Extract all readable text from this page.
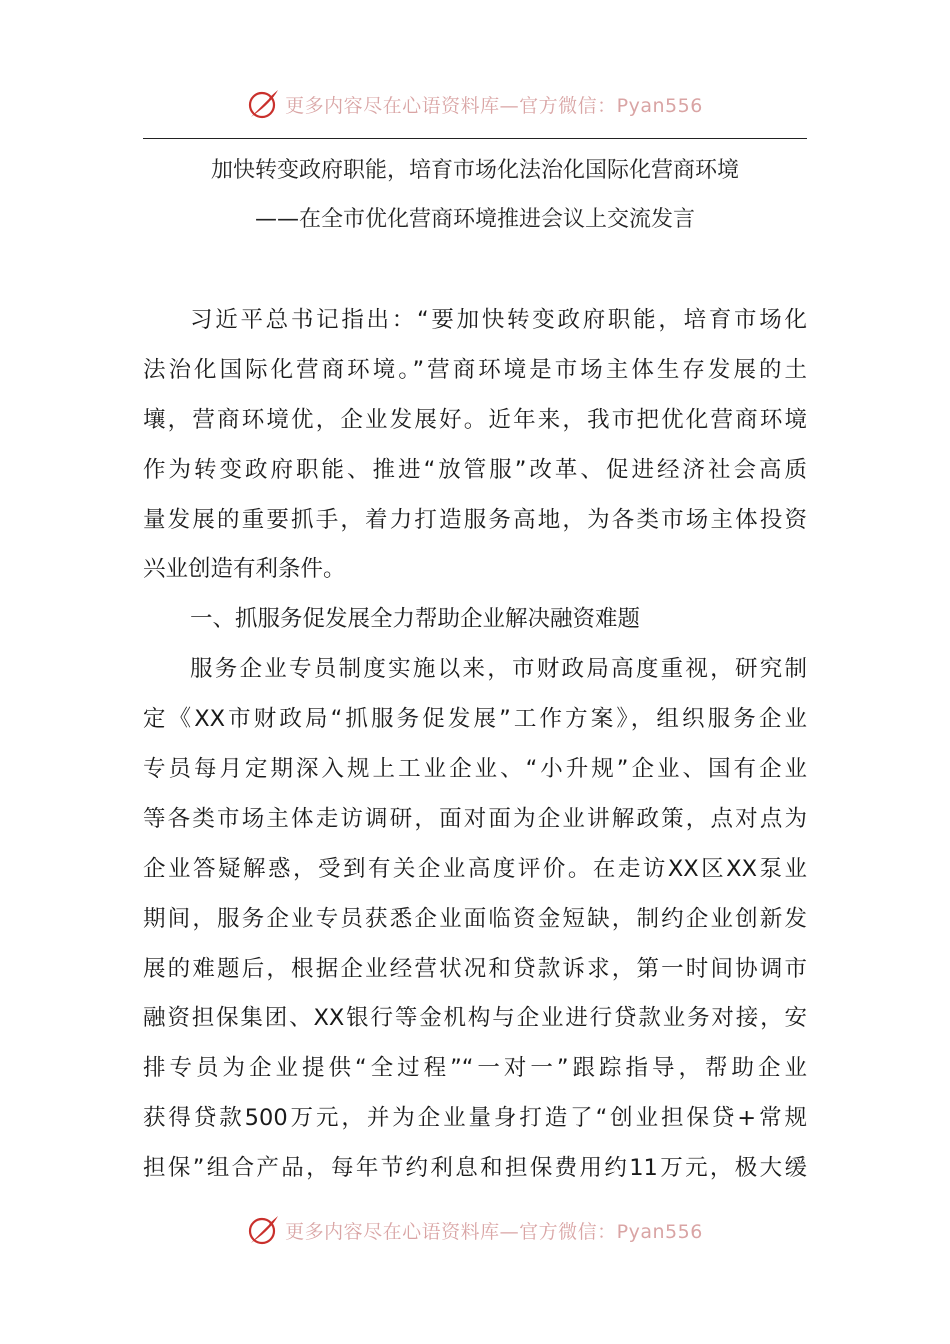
更多内容尽在心语资料库—官方微信：Pyan556
加快转变政府职能，培育市场化法治化国际化营商环境
——在全市优化营商环境推进会议上交流发言
习近平总书记指出：“要加快转变政府职能，培育市场化
法治化国际化营商环境。”营商环境是市场主体生存发展的土
壤，营商环境优，企业发展好。近年来，我市把优化营商环境
作为转变政府职能、推进“放管服”改革、促进经济社会高质
量发展的重要抓手，着力打造服务高地，为各类市场主体投资
兴业创造有利条件。
一、抓服务促发展全力帮助企业解决融资难题
服务企业专员制度实施以来，市财政局高度重视，研究制
定《XX市财政局“抓服务促发展”工作方案》，组织服务企业
专员每月定期深入规上工业企业、“小升规”企业、国有企业
等各类市场主体走访调研，面对面为企业讲解政策，点对点为
企业答疑解惑，受到有关企业高度评价。在走访XX区XX泵业
期间，服务企业专员获悉企业面临资金短缺，制约企业创新发
展的难题后，根据企业经营状况和贷款诉求，第一时间协调市
融资担保集团、XX银行等金机构与企业进行贷款业务对接，安
排专员为企业提供“全过程”“一对一”跟踪指导，帮助企业
获得贷款500万元，并为企业量身打造了“创业担保贷+常规
担保”组合产品，每年节约利息和担保费用约11万元，极大缓
更多内容尽在心语资料库—官方微信：Pyan556
